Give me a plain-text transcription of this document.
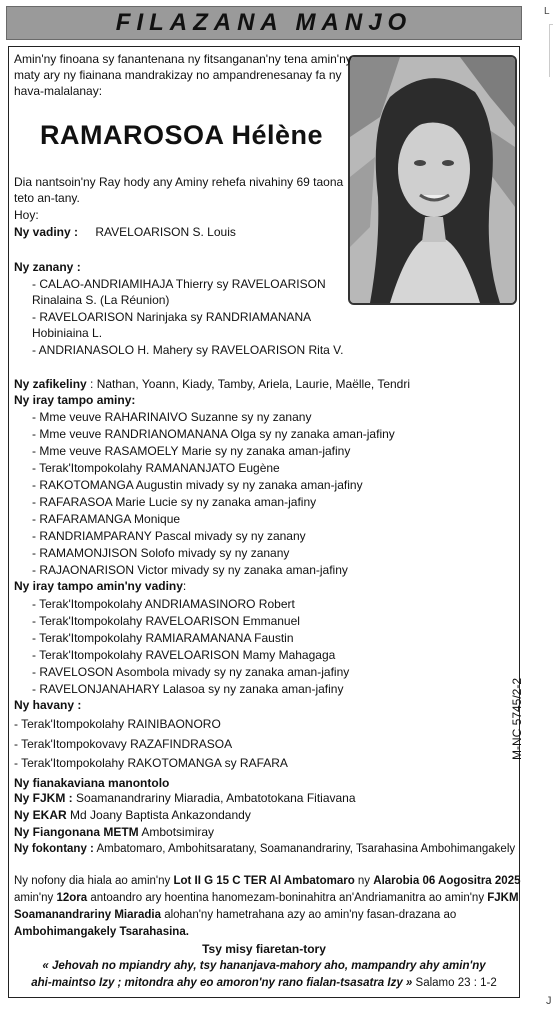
FILAZANA MANJO	L
Amin'ny finoana sy fanantenana ny fitsanganan'ny tena amin'ny
maty ary ny fiainana mandrakizay no ampandrenesanay fa ny
hava-malalanay:
RAMAROSOA Hélène
Dia nantsoin'ny Ray hody any Aminy rehefa nivahiny 69 taona
teto an-tany.
Hoy:
Ny vadiny : RAVELOARISON S. Louis
Ny zanany :
- CALAO-ANDRIAMIHAJA Thierry sy RAVELOARISON
Rinalaina S. (La Réunion)
- RAVELOARISON Narinjaka sy RANDRIAMANANA
Hobiniaina L.
- ANDRIANASOLO H. Mahery sy RAVELOARISON Rita V.
Ny zafikeliny : Nathan, Yoann, Kiady, Tamby, Ariela, Laurie, Maëlle, Tendri
Ny iray tampo aminy:
- Mme veuve RAHARINAIVO Suzanne sy ny zanany
- Mme veuve RANDRIANOMANANA Olga sy ny zanaka aman-jafiny
- Mme veuve RASAMOELY Marie sy ny zanaka aman-jafiny
- Terak'Itompokolahy RAMANANJATO Eugène
- RAKOTOMANGA Augustin mivady sy ny zanaka aman-jafiny
- RAFARASOA Marie Lucie sy ny zanaka aman-jafiny
- RAFARAMANGA Monique
- RANDRIAMPARANY Pascal mivady sy ny zanany
- RAMAMONJISON Solofo mivady sy ny zanany
- RAJAONARISON Victor mivady sy ny zanaka aman-jafiny
Ny iray tampo amin'ny vadiny:
- Terak'Itompokolahy ANDRIAMASINORO Robert
- Terak'Itompokolahy RAVELOARISON Emmanuel
- Terak'Itompokolahy RAMIARAMANANA Faustin
- Terak'Itompokolahy RAVELOARISON Mamy Mahagaga
- RAVELOSON Asombola mivady sy ny zanaka aman-jafiny
- RAVELONJANAHARY Lalasoa sy ny zanaka aman-jafiny
Ny havany :
- Terak'Itompokolahy RAINIBAONORO
- Terak'Itompokovavy RAZAFINDRASOA
- Terak'Itompokolahy RAKOTOMANGA sy RAFARA
Ny fianakaviana manontolo
Ny FJKM : Soamanandrariny Miaradia, Ambatotokana Fitiavana
Ny EKAR Md Joany Baptista Ankazondandy
Ny Fiangonana METM Ambotsimiray
Ny fokontany : Ambatomaro, Ambohitsaratany, Soamanandrariny, Tsarahasina Ambohimangakely
Ny nofony dia hiala ao amin'ny Lot II G 15 C TER Al Ambatomaro ny Alarobia 06 Aogositra 2025
amin'ny 12ora antoandro ary hoentina hanomezam-boninahitra an'Andriamanitra ao amin'ny FJKM
Soamanandrariny Miaradia alohan'ny hametrahana azy ao amin'ny fasan-drazana ao
Ambohimangakely Tsarahasina.
Tsy misy fiaretan-tory
« Jehovah no mpiandry ahy, tsy hananjava-mahory aho, mampandry ahy amin'ny
ahi-maintso Izy ; mitondra ahy eo amoron'ny rano fialan-tsasatra Izy » Salamo 23 : 1-2
M-NC 5745/2-2
J
